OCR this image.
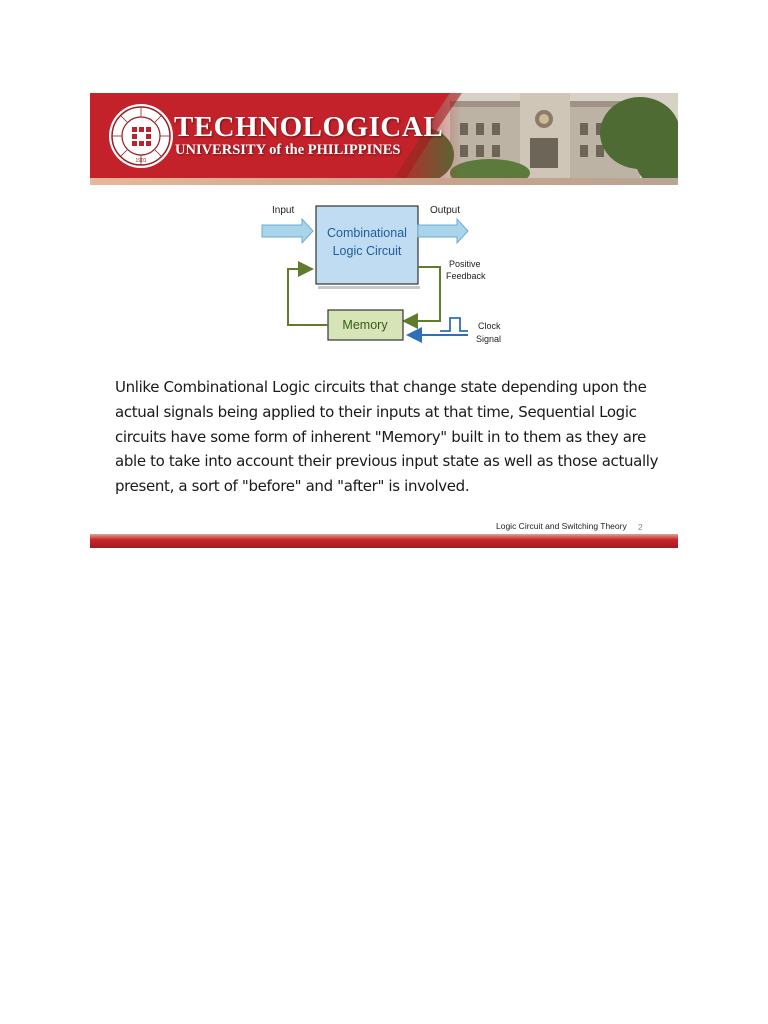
1901
TECHNOLOGICAL
UNIVERSITY of the PHILIPPINES
Input
Combinational
Logic Circuit
Output
Positive
Feedback
Memory	Clock
Signal

Unlike Combinational Logic circuits that change state depending upon the actual signals being applied to their inputs at that time, Sequential Logic circuits have some form of inherent "Memory" built in to them as they are able to take into account their previous input state as well as those actually present, a sort of "before" and "after" is involved.

Logic Circuit and Switching Theory 2
